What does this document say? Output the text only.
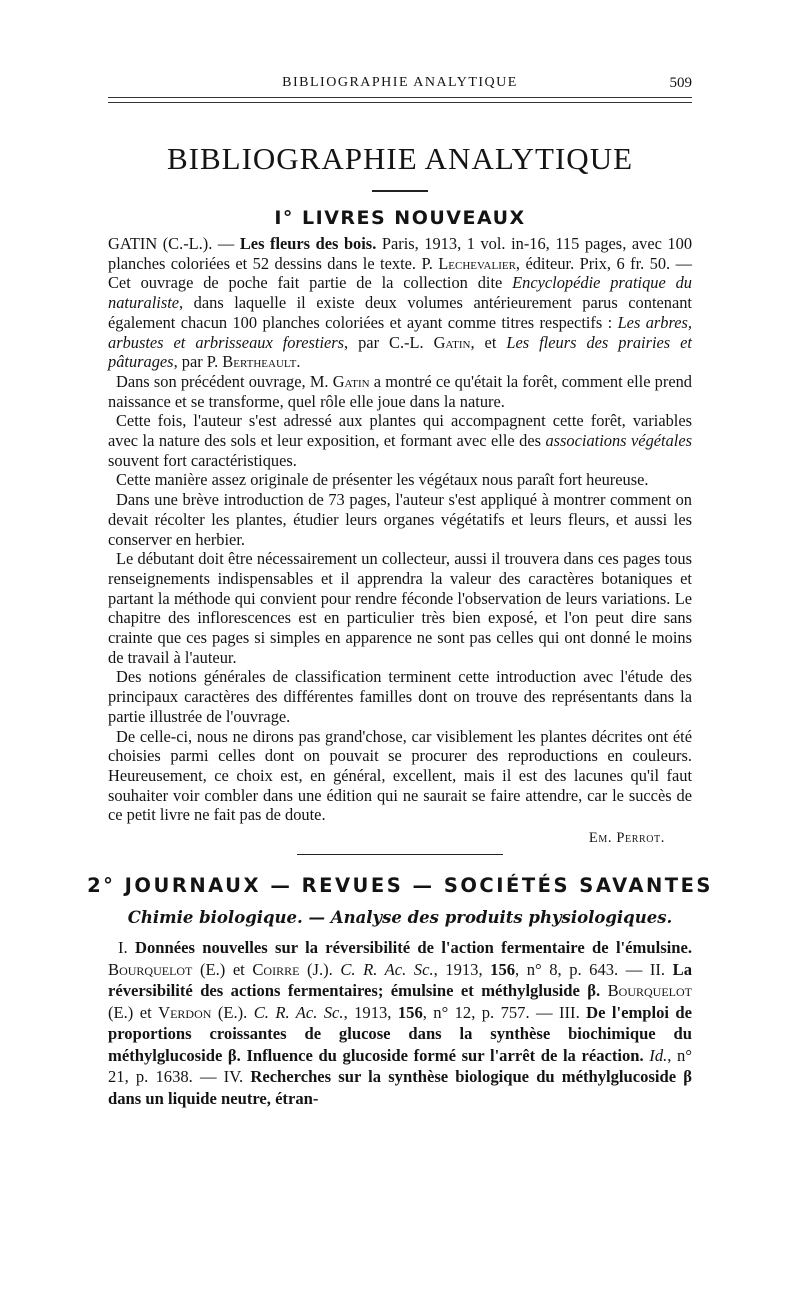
BIBLIOGRAPHIE ANALYTIQUE	509
BIBLIOGRAPHIE ANALYTIQUE
I° LIVRES NOUVEAUX

GATIN (C.-L.). — Les fleurs des bois. Paris, 1913, 1 vol. in-16, 115 pages, avec 100 planches coloriées et 52 dessins dans le texte. P. Lechevalier, éditeur. Prix, 6 fr. 50. — Cet ouvrage de poche fait partie de la collection dite Encyclopédie pratique du naturaliste, dans laquelle il existe deux volumes antérieurement parus contenant également chacun 100 planches coloriées et ayant comme titres respectifs : Les arbres, arbustes et arbrisseaux forestiers, par C.-L. Gatin, et Les fleurs des prairies et pâturages, par P. Bertheault.

Dans son précédent ouvrage, M. Gatin a montré ce qu'était la forêt, comment elle prend naissance et se transforme, quel rôle elle joue dans la nature.

Cette fois, l'auteur s'est adressé aux plantes qui accompagnent cette forêt, variables avec la nature des sols et leur exposition, et formant avec elle des associations végétales souvent fort caractéristiques.

Cette manière assez originale de présenter les végétaux nous paraît fort heureuse.

Dans une brève introduction de 73 pages, l'auteur s'est appliqué à montrer comment on devait récolter les plantes, étudier leurs organes végétatifs et leurs fleurs, et aussi les conserver en herbier.

Le débutant doit être nécessairement un collecteur, aussi il trouvera dans ces pages tous renseignements indispensables et il apprendra la valeur des caractères botaniques et partant la méthode qui convient pour rendre féconde l'observation de leurs variations. Le chapitre des inflorescences est en particulier très bien exposé, et l'on peut dire sans crainte que ces pages si simples en apparence ne sont pas celles qui ont donné le moins de travail à l'auteur.

Des notions générales de classification terminent cette introduction avec l'étude des principaux caractères des différentes familles dont on trouve des représentants dans la partie illustrée de l'ouvrage.

De celle-ci, nous ne dirons pas grand'chose, car visiblement les plantes décrites ont été choisies parmi celles dont on pouvait se procurer des reproductions en couleurs. Heureusement, ce choix est, en général, excellent, mais il est des lacunes qu'il faut souhaiter voir combler dans une édition qui ne saurait se faire attendre, car le succès de ce petit livre ne fait pas de doute.

Em. Perrot.
2° JOURNAUX — REVUES — SOCIÉTÉS SAVANTES
Chimie biologique. — Analyse des produits physiologiques.

I. Données nouvelles sur la réversibilité de l'action fermentaire de l'émulsine. Bourquelot (E.) et Coirre (J.). C. R. Ac. Sc., 1913, 156, n° 8, p. 643. — II. La réversibilité des actions fermentaires; émulsine et méthylgluside β. Bourquelot (E.) et Verdon (E.). C. R. Ac. Sc., 1913, 156, n° 12, p. 757. — III. De l'emploi de proportions croissantes de glucose dans la synthèse biochimique du méthylglucoside β. Influence du glucoside formé sur l'arrêt de la réaction. Id., n° 21, p. 1638. — IV. Recherches sur la synthèse biologique du méthylglucoside β dans un liquide neutre, étran-
